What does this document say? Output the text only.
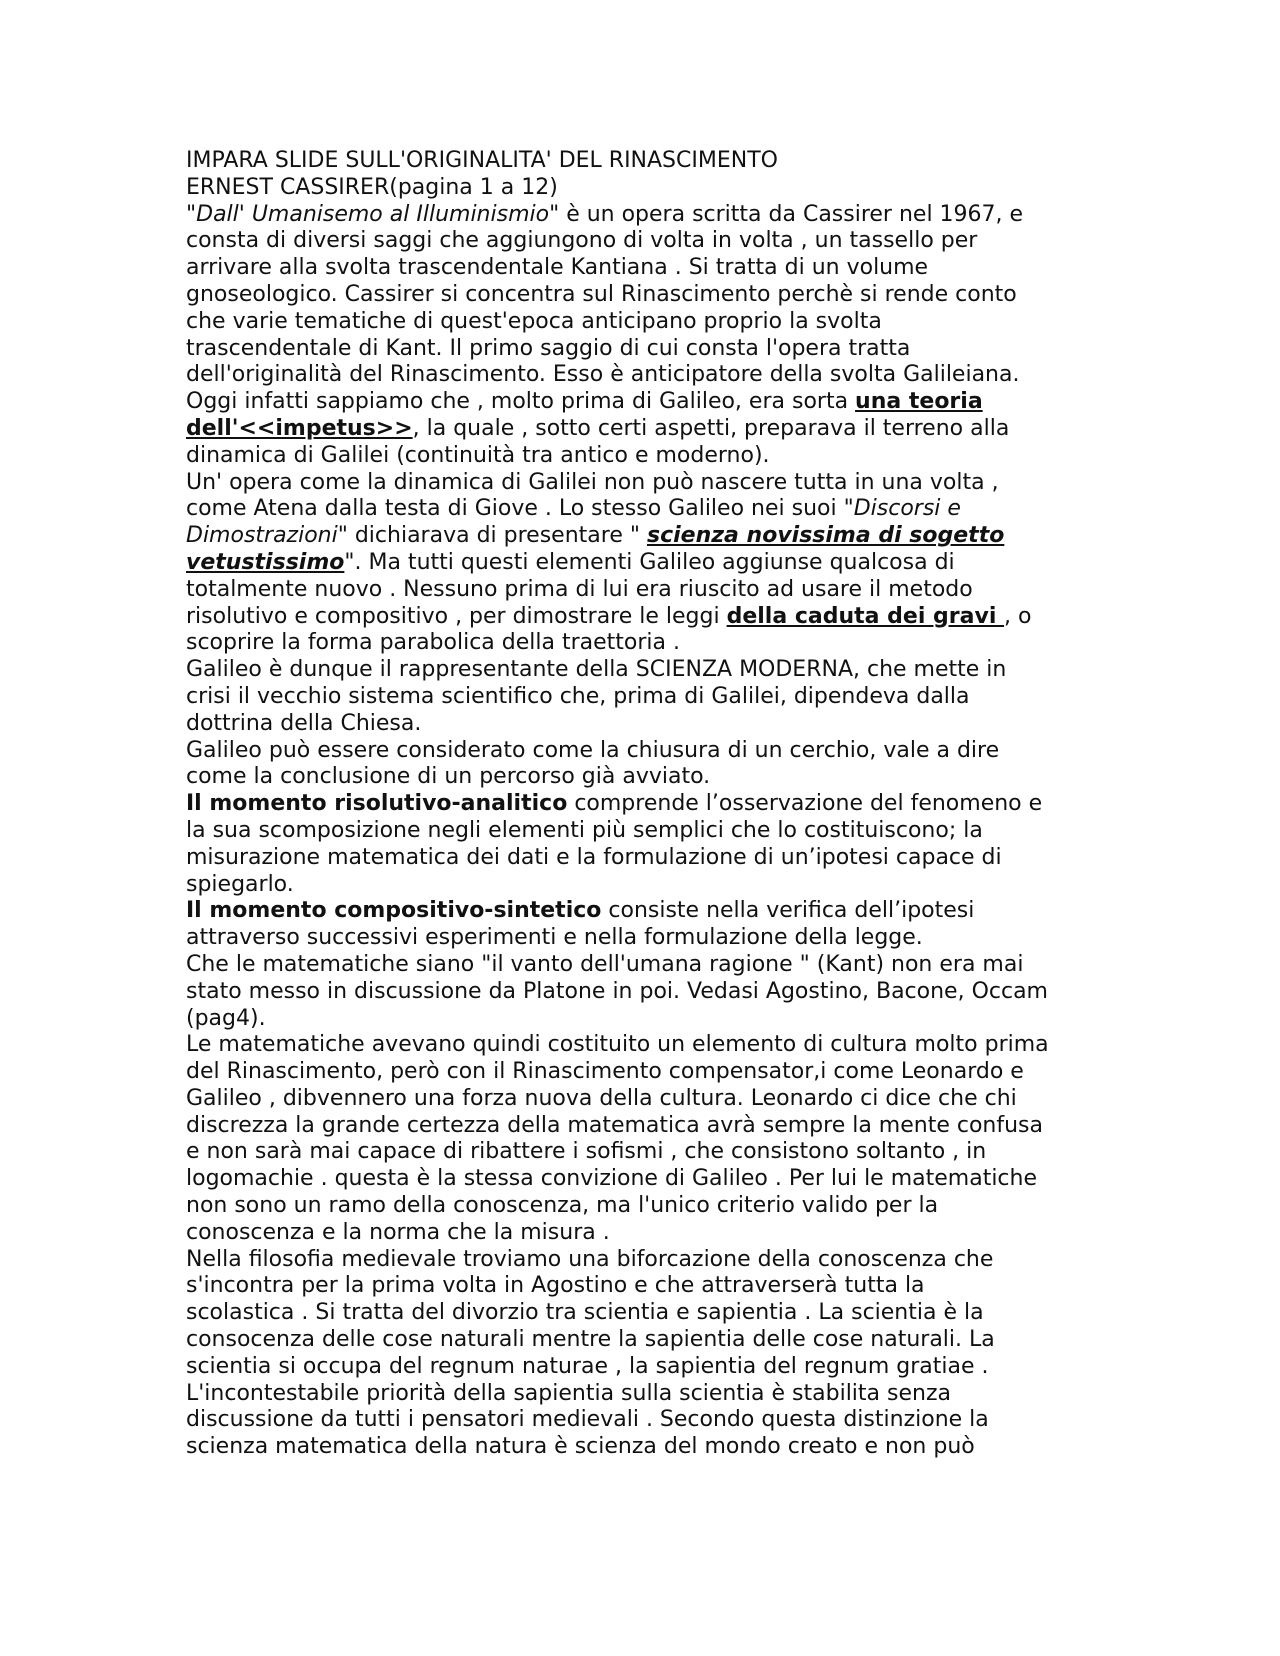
IMPARA SLIDE SULL'ORIGINALITA' DEL RINASCIMENTO

ERNEST CASSIRER(pagina 1 a 12)

"Dall' Umanisemo al Illuminismio" è un opera scritta da Cassirer nel 1967, e

consta di diversi saggi che aggiungono di volta in volta , un tassello per

arrivare alla svolta trascendentale Kantiana . Si tratta di un volume

gnoseologico. Cassirer si concentra sul Rinascimento perchè si rende conto

che varie tematiche di quest'epoca anticipano proprio la svolta

trascendentale di Kant. Il primo saggio di cui consta l'opera tratta

dell'originalità del Rinascimento. Esso è anticipatore della svolta Galileiana.

Oggi infatti sappiamo che , molto prima di Galileo, era sorta una teoria

dell'<<impetus>>, la quale , sotto certi aspetti, preparava il terreno alla

dinamica di Galilei (continuità tra antico e moderno).

Un' opera come la dinamica di Galilei non può nascere tutta in una volta ,

come Atena dalla testa di Giove . Lo stesso Galileo nei suoi "Discorsi e

Dimostrazioni" dichiarava di presentare " scienza novissima di sogetto

vetustissimo". Ma tutti questi elementi Galileo aggiunse qualcosa di

totalmente nuovo . Nessuno prima di lui era riuscito ad usare il metodo

risolutivo e compositivo , per dimostrare le leggi della caduta dei gravi , o

scoprire la forma parabolica della traettoria .

Galileo è dunque il rappresentante della SCIENZA MODERNA, che mette in

crisi il vecchio sistema scientifico che, prima di Galilei, dipendeva dalla

dottrina della Chiesa.

Galileo può essere considerato come la chiusura di un cerchio, vale a dire

come la conclusione di un percorso già avviato.

Il momento risolutivo-analitico comprende l’osservazione del fenomeno e

la sua scomposizione negli elementi più semplici che lo costituiscono; la

misurazione matematica dei dati e la formulazione di un’ipotesi capace di

spiegarlo.

Il momento compositivo-sintetico consiste nella verifica dell’ipotesi

attraverso successivi esperimenti e nella formulazione della legge.

Che le matematiche siano "il vanto dell'umana ragione " (Kant) non era mai

stato messo in discussione da Platone in poi. Vedasi Agostino, Bacone, Occam

(pag4).

Le matematiche avevano quindi costituito un elemento di cultura molto prima

del Rinascimento, però con il Rinascimento compensator,i come Leonardo e

Galileo , dibvennero una forza nuova della cultura. Leonardo ci dice che chi

discrezza la grande certezza della matematica avrà sempre la mente confusa

e non sarà mai capace di ribattere i sofismi , che consistono soltanto , in

logomachie . questa è la stessa convizione di Galileo . Per lui le matematiche

non sono un ramo della conoscenza, ma l'unico criterio valido per la

conoscenza e la norma che la misura .

Nella filosofia medievale troviamo una biforcazione della conoscenza che

s'incontra per la prima volta in Agostino e che attraverserà tutta la

scolastica . Si tratta del divorzio tra scientia e sapientia . La scientia è la

consocenza delle cose naturali mentre la sapientia delle cose naturali. La

scientia si occupa del regnum naturae , la sapientia del regnum gratiae .

L'incontestabile priorità della sapientia sulla scientia è stabilita senza

discussione da tutti i pensatori medievali . Secondo questa distinzione la

scienza matematica della natura è scienza del mondo creato e non può
